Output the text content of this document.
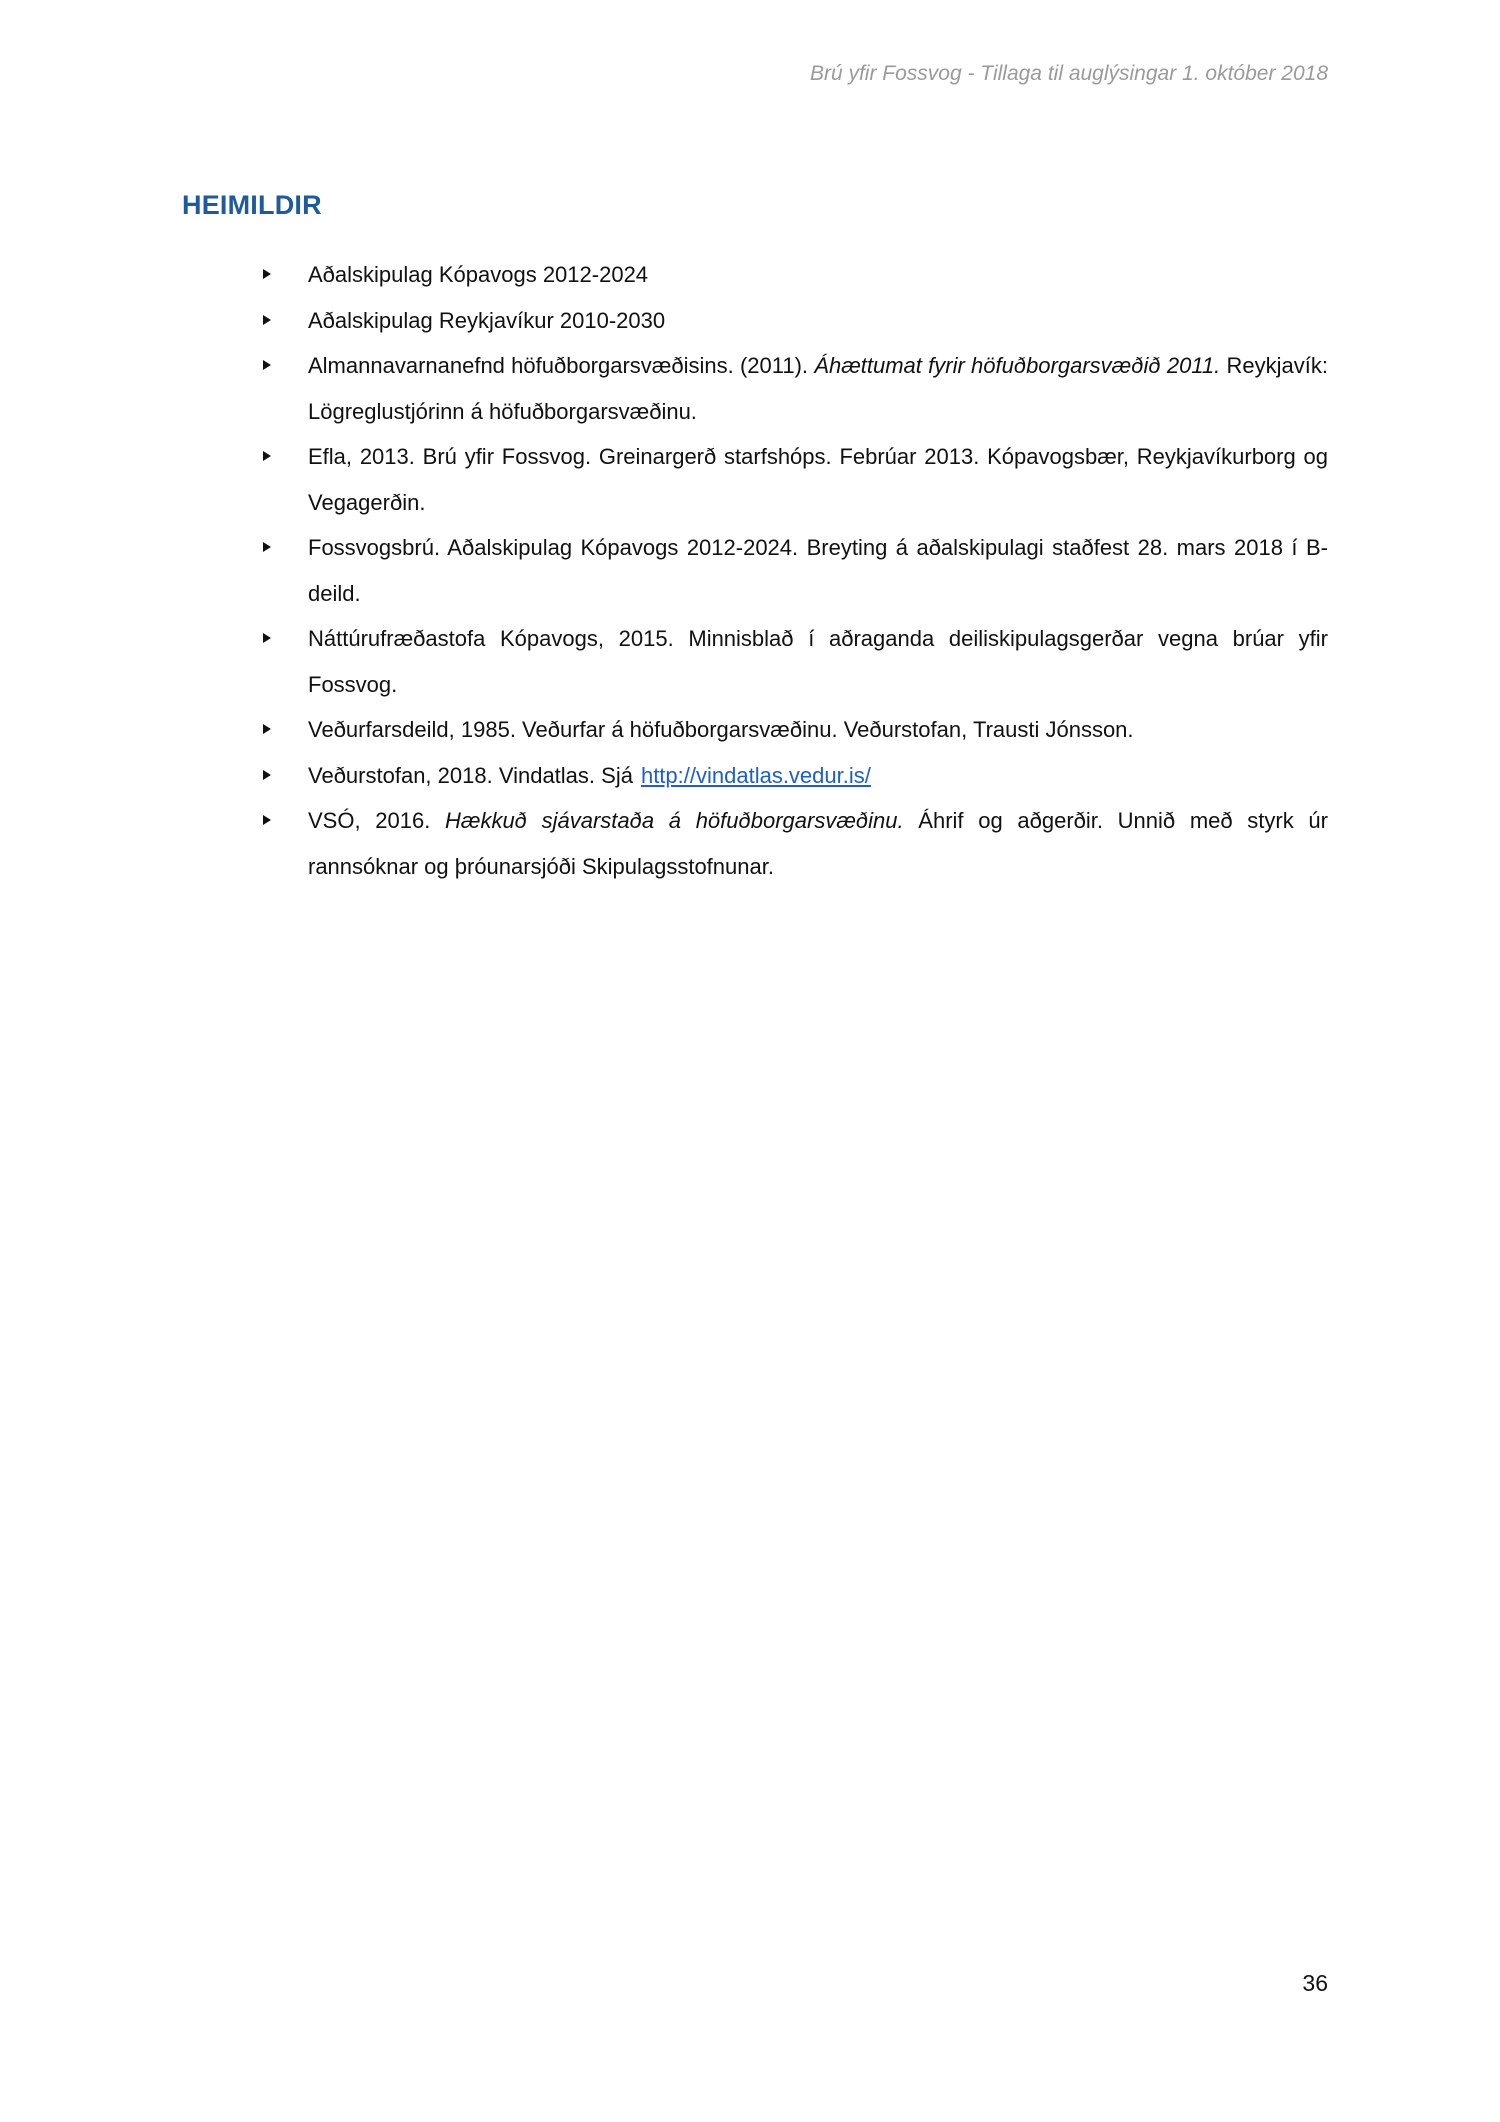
Brú yfir Fossvog - Tillaga til auglýsingar 1. október 2018
HEIMILDIR
Aðalskipulag Kópavogs 2012-2024
Aðalskipulag Reykjavíkur 2010-2030
Almannavarnanefnd höfuðborgarsvæðisins. (2011). Áhættumat fyrir höfuðborgarsvæðið 2011. Reykjavík: Lögreglustjórinn á höfuðborgarsvæðinu.
Efla, 2013. Brú yfir Fossvog. Greinargerð starfshóps. Febrúar 2013. Kópavogsbær, Reykjavíkurborg og Vegagerðin.
Fossvogsbrú. Aðalskipulag Kópavogs 2012-2024. Breyting á aðalskipulagi staðfest 28. mars 2018 í B-deild.
Náttúrufræðastofa Kópavogs, 2015. Minnisblað í aðraganda deiliskipulagsgerðar vegna brúar yfir Fossvog.
Veðurfarsdeild, 1985. Veðurfar á höfuðborgarsvæðinu. Veðurstofan, Trausti Jónsson.
Veðurstofan, 2018. Vindatlas. Sjá http://vindatlas.vedur.is/
VSÓ, 2016. Hækkuð sjávarstaða á höfuðborgarsvæðinu. Áhrif og aðgerðir. Unnið með styrk úr rannsóknar og þróunarsjóði Skipulagsstofnunar.
36
